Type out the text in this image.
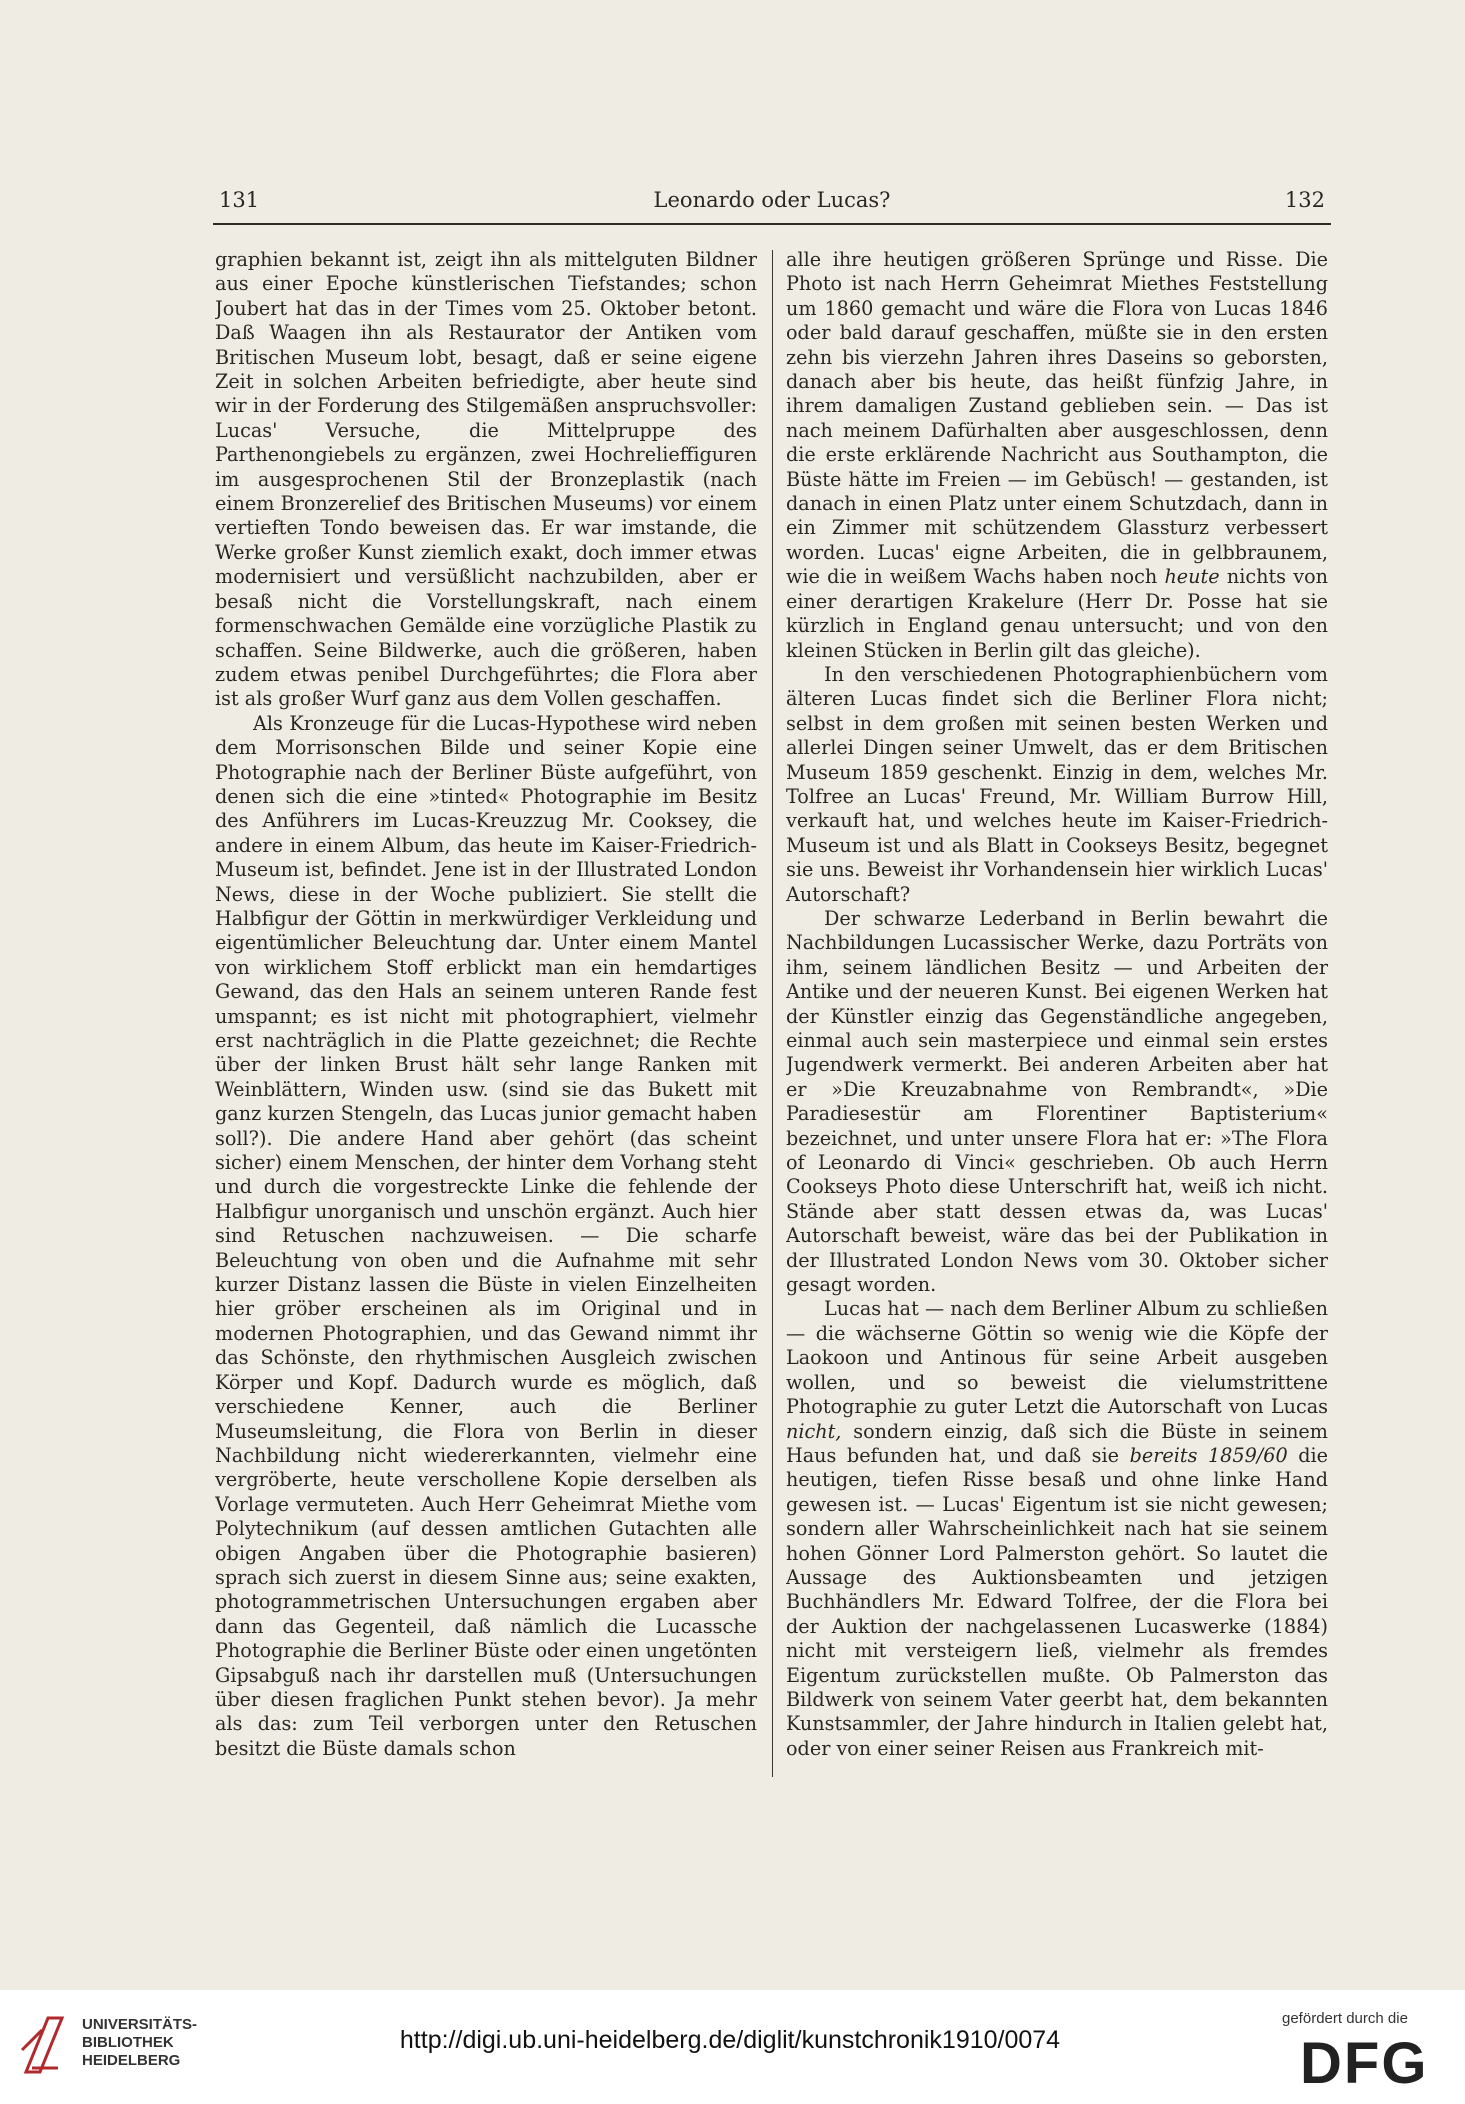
131	Leonardo oder Lucas?	132

graphien bekannt ist, zeigt ihn als mittelguten Bildner aus einer Epoche künstlerischen Tiefstandes; schon Joubert hat das in der Times vom 25. Oktober betont. Daß Waagen ihn als Restaurator der Antiken vom Britischen Museum lobt, besagt, daß er seine eigene Zeit in solchen Arbeiten befriedigte, aber heute sind wir in der Forderung des Stilgemäßen anspruchsvoller: Lucas' Versuche, die Mittelpruppe des Parthenongiebels zu ergänzen, zwei Hochrelieffiguren im ausgesprochenen Stil der Bronzeplastik (nach einem Bronzerelief des Britischen Museums) vor einem vertieften Tondo beweisen das. Er war imstande, die Werke großer Kunst ziemlich exakt, doch immer etwas modernisiert und versüßlicht nachzubilden, aber er besaß nicht die Vorstellungskraft, nach einem formenschwachen Gemälde eine vorzügliche Plastik zu schaffen. Seine Bildwerke, auch die größeren, haben zudem etwas penibel Durchgeführtes; die Flora aber ist als großer Wurf ganz aus dem Vollen geschaffen.

Als Kronzeuge für die Lucas-Hypothese wird neben dem Morrisonschen Bilde und seiner Kopie eine Photographie nach der Berliner Büste aufgeführt, von denen sich die eine »tinted« Photographie im Besitz des Anführers im Lucas-Kreuzzug Mr. Cooksey, die andere in einem Album, das heute im Kaiser-Friedrich-Museum ist, befindet. Jene ist in der Illustrated London News, diese in der Woche publiziert. Sie stellt die Halbfigur der Göttin in merkwürdiger Verkleidung und eigentümlicher Beleuchtung dar. Unter einem Mantel von wirklichem Stoff erblickt man ein hemdartiges Gewand, das den Hals an seinem unteren Rande fest umspannt; es ist nicht mit photographiert, vielmehr erst nachträglich in die Platte gezeichnet; die Rechte über der linken Brust hält sehr lange Ranken mit Weinblättern, Winden usw. (sind sie das Bukett mit ganz kurzen Stengeln, das Lucas junior gemacht haben soll?). Die andere Hand aber gehört (das scheint sicher) einem Menschen, der hinter dem Vorhang steht und durch die vorgestreckte Linke die fehlende der Halbfigur unorganisch und unschön ergänzt. Auch hier sind Retuschen nachzuweisen. — Die scharfe Beleuchtung von oben und die Aufnahme mit sehr kurzer Distanz lassen die Büste in vielen Einzelheiten hier gröber erscheinen als im Original und in modernen Photographien, und das Gewand nimmt ihr das Schönste, den rhythmischen Ausgleich zwischen Körper und Kopf. Dadurch wurde es möglich, daß verschiedene Kenner, auch die Berliner Museumsleitung, die Flora von Berlin in dieser Nachbildung nicht wiedererkannten, vielmehr eine vergröberte, heute verschollene Kopie derselben als Vorlage vermuteten. Auch Herr Geheimrat Miethe vom Polytechnikum (auf dessen amtlichen Gutachten alle obigen Angaben über die Photographie basieren) sprach sich zuerst in diesem Sinne aus; seine exakten, photogrammetrischen Untersuchungen ergaben aber dann das Gegenteil, daß nämlich die Lucassche Photographie die Berliner Büste oder einen ungetönten Gipsabguß nach ihr darstellen muß (Untersuchungen über diesen fraglichen Punkt stehen bevor). Ja mehr als das: zum Teil verborgen unter den Retuschen besitzt die Büste damals schon

alle ihre heutigen größeren Sprünge und Risse. Die Photo ist nach Herrn Geheimrat Miethes Feststellung um 1860 gemacht und wäre die Flora von Lucas 1846 oder bald darauf geschaffen, müßte sie in den ersten zehn bis vierzehn Jahren ihres Daseins so geborsten, danach aber bis heute, das heißt fünfzig Jahre, in ihrem damaligen Zustand geblieben sein. — Das ist nach meinem Dafürhalten aber ausgeschlossen, denn die erste erklärende Nachricht aus Southampton, die Büste hätte im Freien — im Gebüsch! — gestanden, ist danach in einen Platz unter einem Schutzdach, dann in ein Zimmer mit schützendem Glassturz verbessert worden. Lucas' eigne Arbeiten, die in gelbbraunem, wie die in weißem Wachs haben noch heute nichts von einer derartigen Krakelure (Herr Dr. Posse hat sie kürzlich in England genau untersucht; und von den kleinen Stücken in Berlin gilt das gleiche).

In den verschiedenen Photographienbüchern vom älteren Lucas findet sich die Berliner Flora nicht; selbst in dem großen mit seinen besten Werken und allerlei Dingen seiner Umwelt, das er dem Britischen Museum 1859 geschenkt. Einzig in dem, welches Mr. Tolfree an Lucas' Freund, Mr. William Burrow Hill, verkauft hat, und welches heute im Kaiser-Friedrich-Museum ist und als Blatt in Cookseys Besitz, begegnet sie uns. Beweist ihr Vorhandensein hier wirklich Lucas' Autorschaft?

Der schwarze Lederband in Berlin bewahrt die Nachbildungen Lucassischer Werke, dazu Porträts von ihm, seinem ländlichen Besitz — und Arbeiten der Antike und der neueren Kunst. Bei eigenen Werken hat der Künstler einzig das Gegenständliche angegeben, einmal auch sein masterpiece und einmal sein erstes Jugendwerk vermerkt. Bei anderen Arbeiten aber hat er »Die Kreuzabnahme von Rembrandt«, »Die Paradiesestür am Florentiner Baptisterium« bezeichnet, und unter unsere Flora hat er: »The Flora of Leonardo di Vinci« geschrieben. Ob auch Herrn Cookseys Photo diese Unterschrift hat, weiß ich nicht. Stände aber statt dessen etwas da, was Lucas' Autorschaft beweist, wäre das bei der Publikation in der Illustrated London News vom 30. Oktober sicher gesagt worden.

Lucas hat — nach dem Berliner Album zu schließen — die wächserne Göttin so wenig wie die Köpfe der Laokoon und Antinous für seine Arbeit ausgeben wollen, und so beweist die vielumstrittene Photographie zu guter Letzt die Autorschaft von Lucas nicht, sondern einzig, daß sich die Büste in seinem Haus befunden hat, und daß sie bereits 1859/60 die heutigen, tiefen Risse besaß und ohne linke Hand gewesen ist. — Lucas' Eigentum ist sie nicht gewesen; sondern aller Wahrscheinlichkeit nach hat sie seinem hohen Gönner Lord Palmerston gehört. So lautet die Aussage des Auktionsbeamten und jetzigen Buchhändlers Mr. Edward Tolfree, der die Flora bei der Auktion der nachgelassenen Lucaswerke (1884) nicht mit versteigern ließ, vielmehr als fremdes Eigentum zurückstellen mußte. Ob Palmerston das Bildwerk von seinem Vater geerbt hat, dem bekannten Kunstsammler, der Jahre hindurch in Italien gelebt hat, oder von einer seiner Reisen aus Frankreich mit-

UNIVERSITÄTS-
BIBLIOTHEK
HEIDELBERG
http://digi.ub.uni-heidelberg.de/diglit/kunstchronik1910/0074
gefördert durch die
DFG
